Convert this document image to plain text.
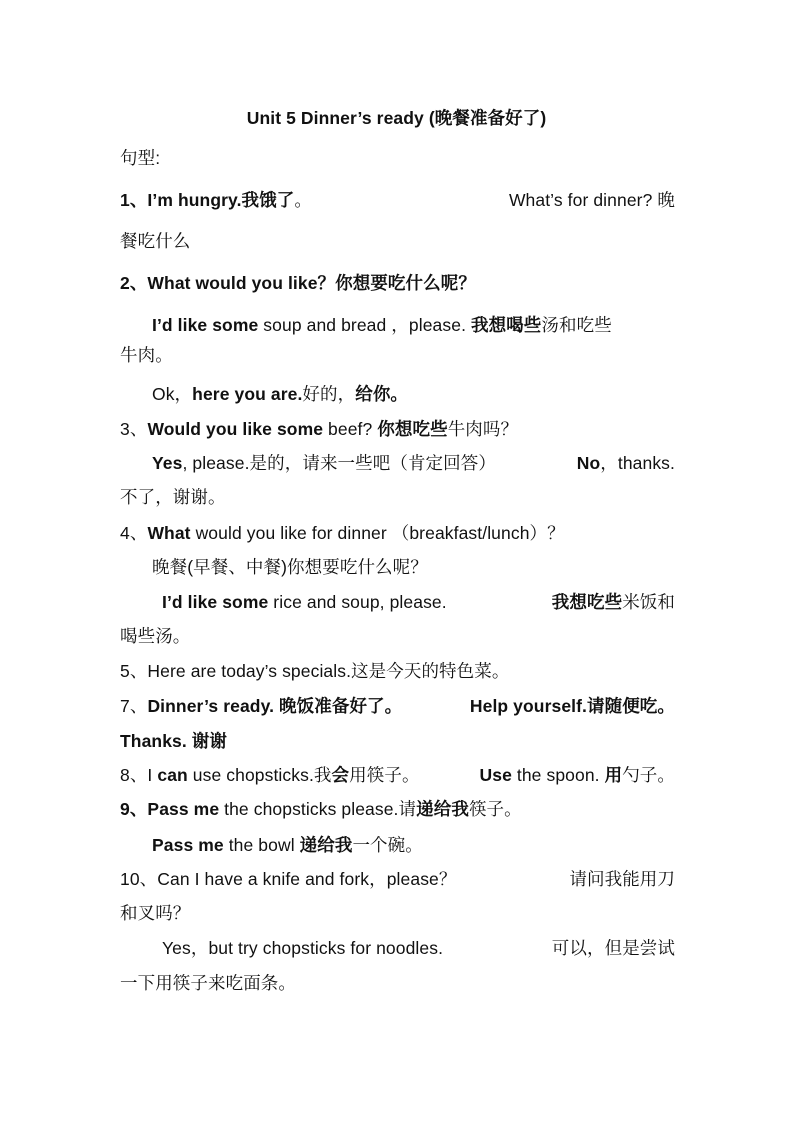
Unit 5 Dinner’s ready (晚餐准备好了)
句型:
1、I’m hungry.我饿了。	What’s for dinner? 晚
餐吃什么
2、What would you like？你想要吃什么呢？
I’d like some soup and bread ，please. 我想喝些汤和吃些
牛肉。
Ok，here you are.好的，给你。
3、Would you like some beef? 你想吃些牛肉吗？
Yes, please.是的，请来一些吧（肯定回答）	No，thanks.
不了，谢谢。
4、What would you like for dinner （breakfast/lunch）？
晚餐(早餐、中餐)你想要吃什么呢？
I’d like some rice and soup, please.	我想吃些米饭和
喝些汤。
5、Here are today’s specials.这是今天的特色菜。
7、Dinner’s ready. 晚饭准备好了。	Help yourself.请随便吃。
Thanks. 谢谢
8、I can use chopsticks.我会用筷子。	Use the spoon. 用勺子。
9、Pass me the chopsticks please.请递给我筷子。
Pass me the bowl 递给我一个碗。
10、Can I have a knife and fork，please？	请问我能用刀
和叉吗？
Yes，but try chopsticks for noodles.	可以，但是尝试
一下用筷子来吃面条。
